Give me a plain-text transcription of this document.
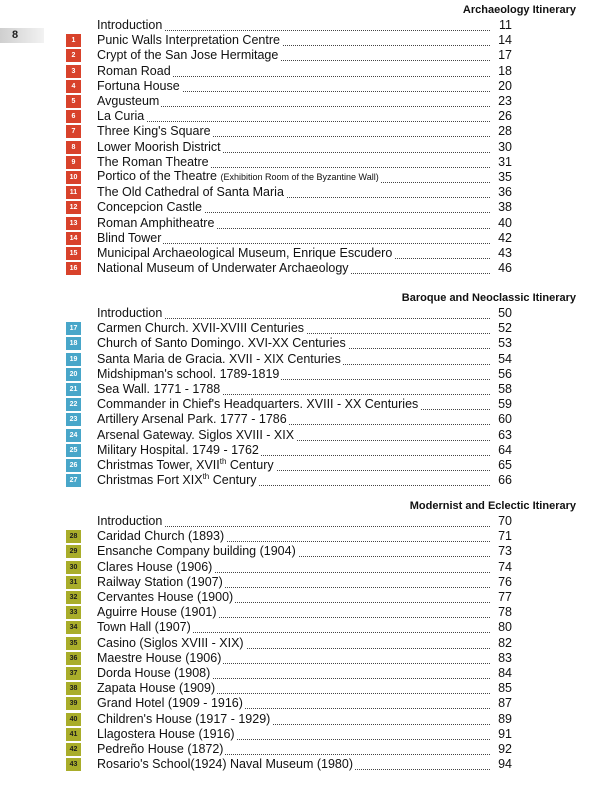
8
Archaeology Itinerary
Introduction	11
1	Punic Walls Interpretation Centre	14
2	Crypt of the San Jose Hermitage	17
3	Roman Road	18
4	Fortuna House	20
5	Avgusteum	23
6	La Curia	26
7	Three King's Square	28
8	Lower Moorish District	30
9	The Roman Theatre	31
10 Portico of the Theatre (Exhibition Room of the Byzantine Wall)	35
11	The Old Cathedral of Santa Maria	36
12 Concepcion Castle	38
13 Roman Amphitheatre	40
14 Blind Tower	42
15 Municipal Archaeological Museum, Enrique Escudero	43
16 National Museum of Underwater Archaeology	46
Baroque and Neoclassic Itinerary
Introduction	50
17 Carmen Church. XVII-XVIII Centuries	52
18 Church of Santo Domingo. XVI-XX Centuries	53
19 Santa Maria de Gracia. XVII - XIX Centuries	54
20 Midshipman's school. 1789-1819	56
21 Sea Wall. 1771 - 1788	58
22 Commander in Chief's Headquarters. XVIII - XX Centuries	59
23 Artillery Arsenal Park. 1777 - 1786	60
24 Arsenal Gateway. Siglos XVIII - XIX	63
25 Military Hospital. 1749 - 1762	64
26 Christmas Tower, XVIIth Century	65
27 Christmas Fort XIXth Century	66
Modernist and Eclectic Itinerary
Introduction	70
28 Caridad Church (1893)	71
29 Ensanche Company building (1904)	73
30 Clares House (1906)	74
31 Railway Station (1907)	76
32 Cervantes House (1900)	77
33 Aguirre House (1901)	78
34 Town Hall (1907)	80
35 Casino (Siglos XVIII - XIX)	82
36 Maestre House (1906)	83
37 Dorda House (1908)	84
38 Zapata House (1909)	85
39 Grand Hotel (1909 - 1916)	87
40 Children's House (1917 - 1929)	89
41 Llagostera House (1916)	91
42 Pedreño House (1872)	92
43 Rosario's School(1924) Naval Museum (1980)	94
